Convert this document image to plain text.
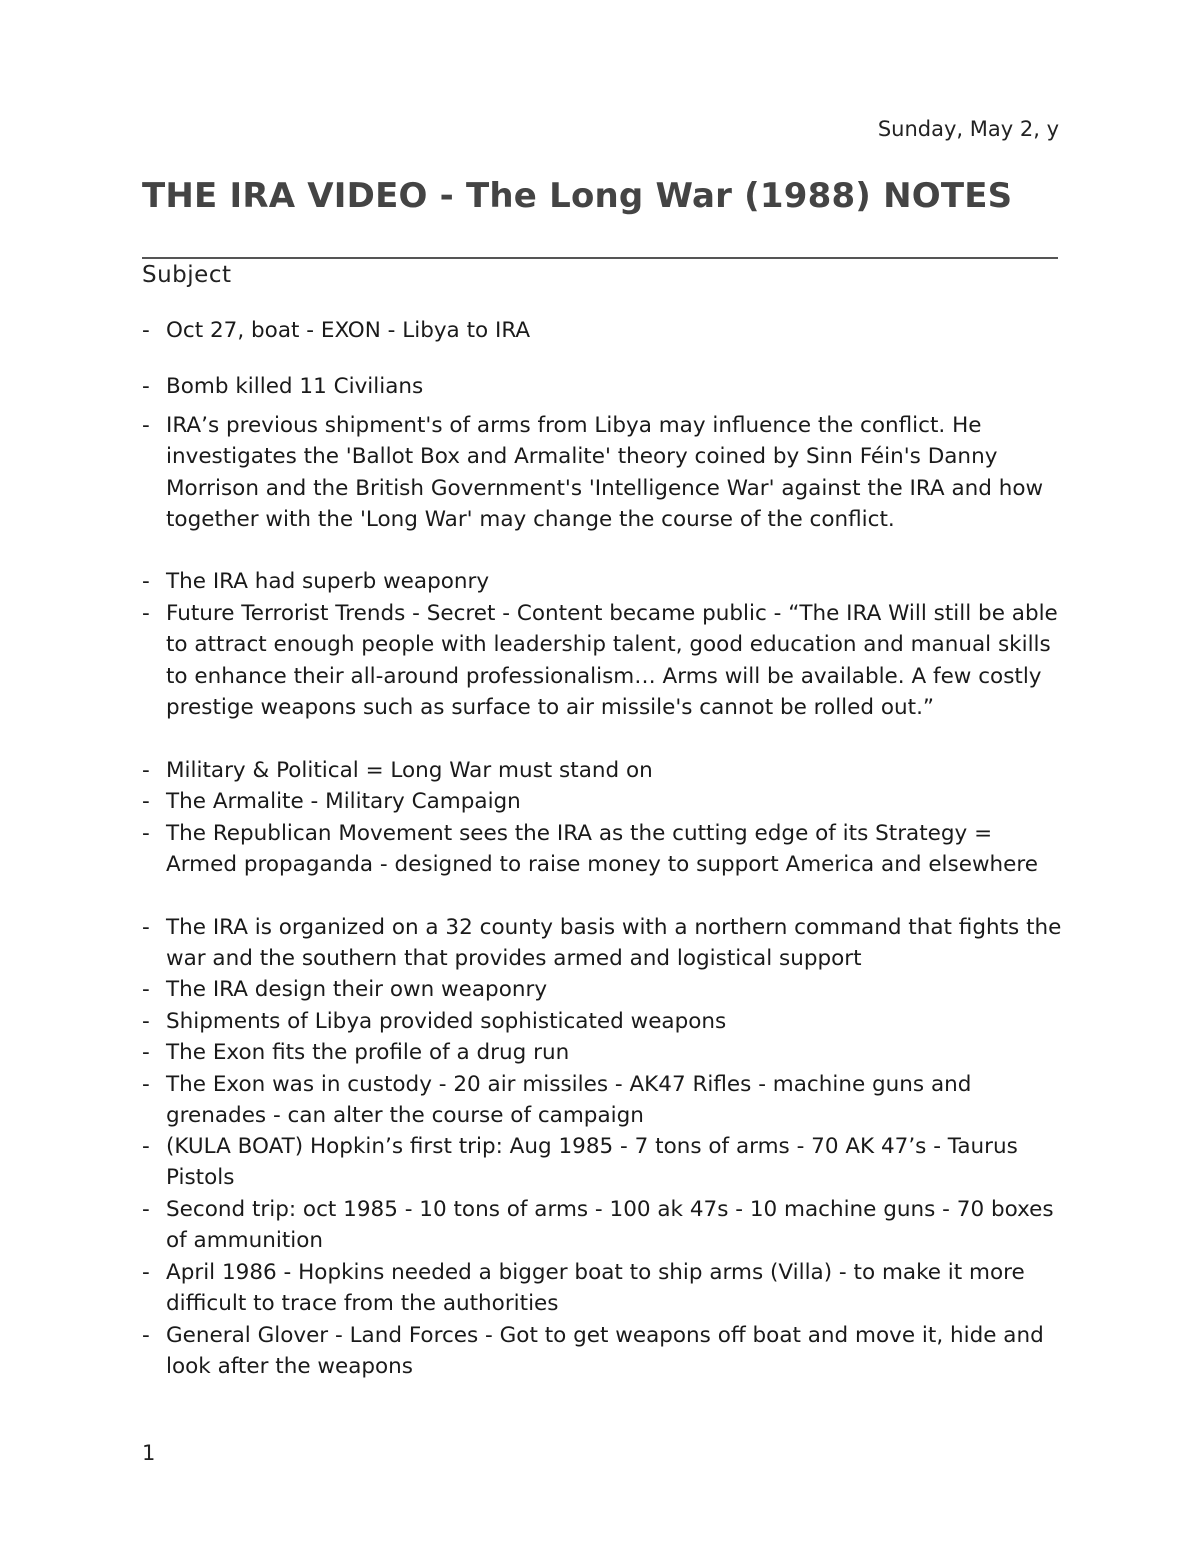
Sunday, May 2, y
THE IRA VIDEO - The Long War (1988) NOTES
Subject
- Oct 27, boat - EXON - Libya to IRA
- Bomb killed 11 Civilians
- IRA’s previous shipment's of arms from Libya may influence the conflict. He investigates the 'Ballot Box and Armalite' theory coined by Sinn Féin's Danny Morrison and the British Government's 'Intelligence War' against the IRA and how together with the 'Long War' may change the course of the conflict.
- The IRA had superb weaponry
- Future Terrorist Trends - Secret - Content became public - “The IRA Will still be able to attract enough people with leadership talent, good education and manual skills to enhance their all-around professionalism… Arms will be available. A few costly prestige weapons such as surface to air missile's cannot be rolled out.”
- Military & Political = Long War must stand on
- The Armalite - Military Campaign
- The Republican Movement sees the IRA as the cutting edge of its Strategy = Armed propaganda - designed to raise money to support America and elsewhere
- The IRA is organized on a 32 county basis with a northern command that fights the war and the southern that provides armed and logistical support
- The IRA design their own weaponry
- Shipments of Libya provided sophisticated weapons
- The Exon fits the profile of a drug run
- The Exon was in custody - 20 air missiles - AK47 Rifles - machine guns and grenades - can alter the course of campaign
- (KULA BOAT) Hopkin’s first trip: Aug 1985 - 7 tons of arms - 70 AK 47’s - Taurus Pistols
- Second trip: oct 1985 - 10 tons of arms - 100 ak 47s - 10 machine guns - 70 boxes of ammunition
- April 1986 - Hopkins needed a bigger boat to ship arms (Villa) - to make it more difficult to trace from the authorities
- General Glover - Land Forces - Got to get weapons off boat and move it, hide and look after the weapons
1
